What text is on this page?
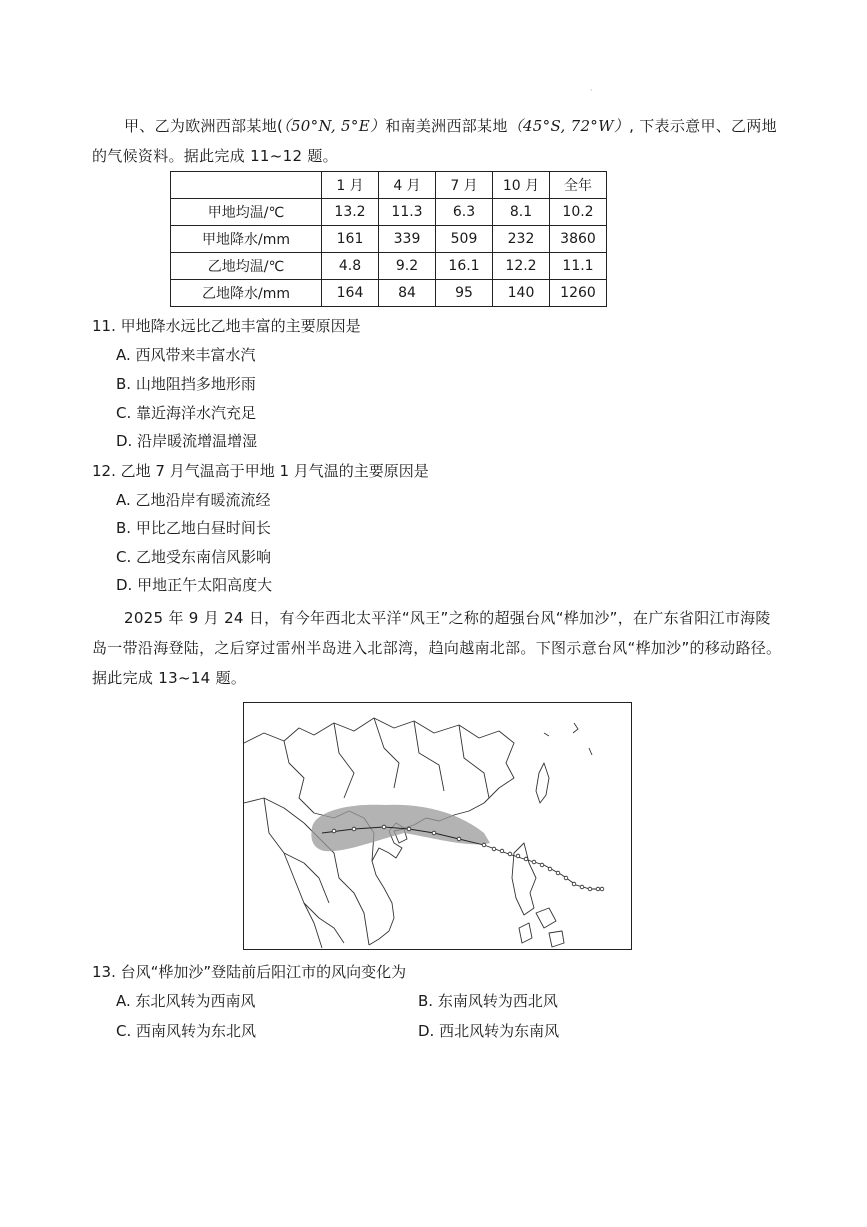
·

甲、乙为欧洲西部某地(（50°N, 5°E）和南美洲西部某地（45°S, 72°W）, 下表示意甲、乙两地的气候资料。据此完成 11~12 题。

	1 月	4 月	7 月	10 月	全年
甲地均温/℃	13.2	11.3	6.3	8.1	10.2
甲地降水/mm	161	339	509	232	3860
乙地均温/℃	4.8	9.2	16.1	12.2	11.1
乙地降水/mm	164	84	95	140	1260

11. 甲地降水远比乙地丰富的主要原因是

A. 西风带来丰富水汽

B. 山地阻挡多地形雨

C. 靠近海洋水汽充足

D. 沿岸暖流增温增湿

12. 乙地 7 月气温高于甲地 1 月气温的主要原因是

A. 乙地沿岸有暖流流经

B. 甲比乙地白昼时间长

C. 乙地受东南信风影响

D. 甲地正午太阳高度大

2025 年 9 月 24 日，有今年西北太平洋“风王”之称的超强台风“桦加沙”，在广东省阳江市海陵岛一带沿海登陆，之后穿过雷州半岛进入北部湾，趋向越南北部。下图示意台风“桦加沙”的移动路径。据此完成 13~14 题。

13. 台风“桦加沙”登陆前后阳江市的风向变化为

A. 东北风转为西南风	B. 东南风转为西北风

C. 西南风转为东北风	D. 西北风转为东南风
